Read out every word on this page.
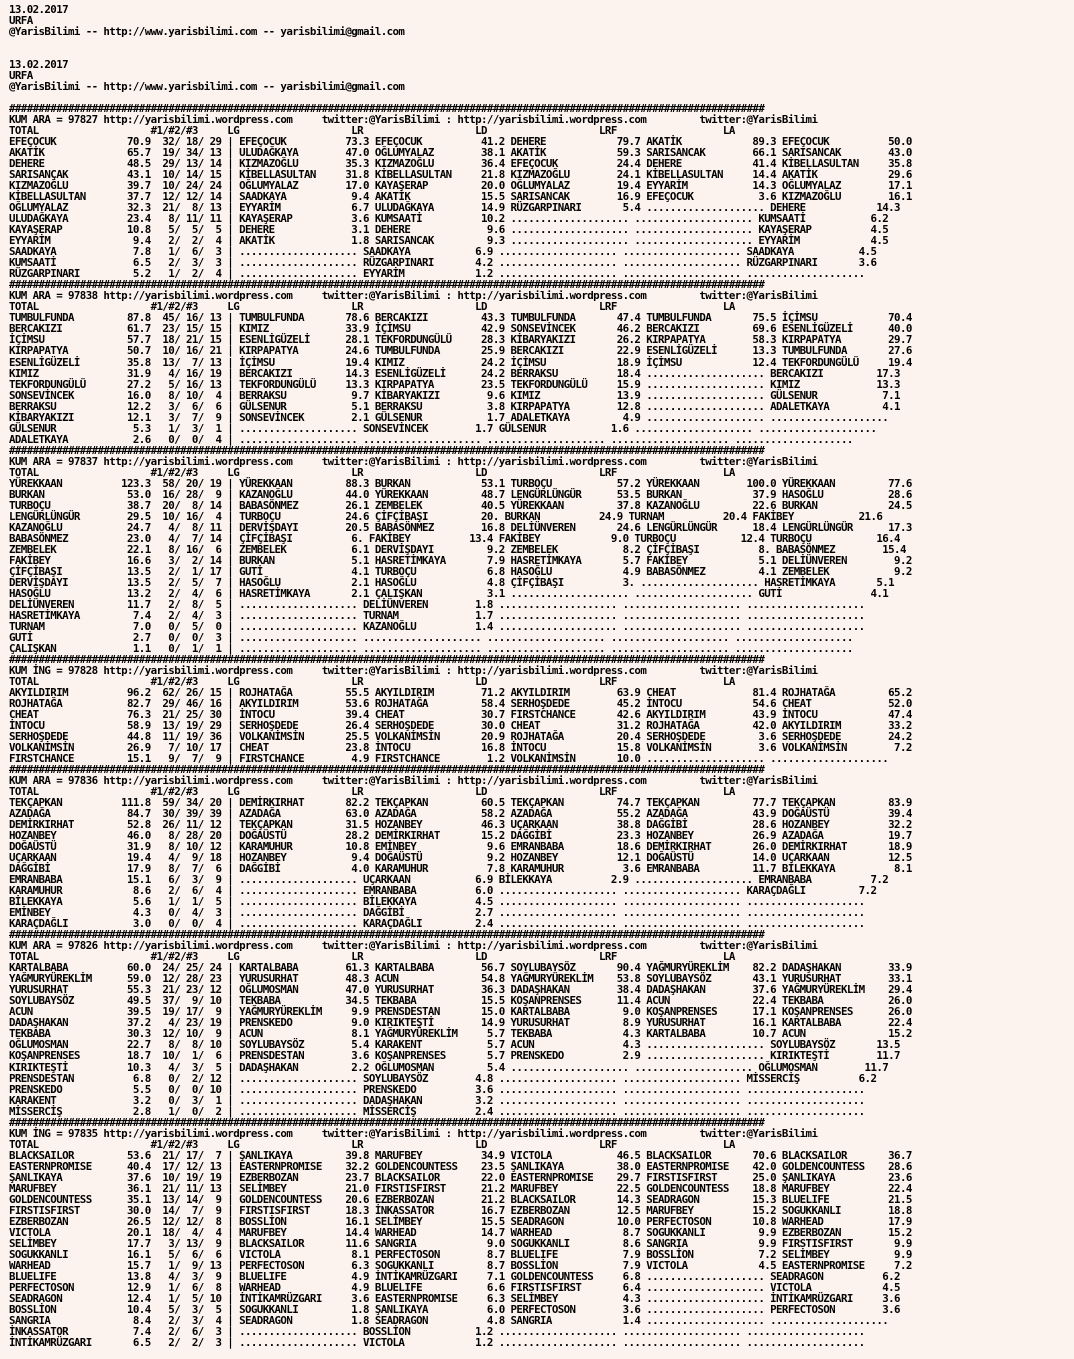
13.02.2017
URFA
@YarisBilimi -- http://www.yarisbilimi.com -- yarisbilimi@gmail.com

13.02.2017
URFA
@YarisBilimi -- http://www.yarisbilimi.com -- yarisbilimi@gmail.com

################################################################################################################################
KUM ARA = 97827 http://yarisbilimi.wordpress.com     twitter:@YarisBilimi : http://yarisbilimi.wordpress.com         twitter:@YarisBilimi
TOTAL                   #1/#2/#3     LG                   LR                   LD                   LRF                  LA
EFEÇOCUK            70.9  32/ 18/ 29 | EFEÇOCUK          73.3 EFEÇOCUK          41.2 DEHERE            79.7 AKATİK            89.3 EFEÇOCUK          50.0
AKATİK              65.7  19/ 34/ 13 | ULUDAĞKAYA        47.0 OĞLUMYALAZ        38.1 AKATİK            59.3 SARISANCAK        66.1 SARISANCAK        43.0
DEHERE              48.5  29/ 13/ 14 | KIZMAZOĞLU        35.3 KIZMAZOĞLU        36.4 EFEÇOCUK          24.4 DEHERE            41.4 KİBELLASULTAN     35.8
SARISANÇAK          43.1  10/ 14/ 15 | KİBELLASULTAN     31.8 KİBELLASULTAN     21.8 KIZMAZOĞLU        24.1 KİBELLASULTAN     14.4 AKATİK            29.6
KIZMAZOĞLU          39.7  10/ 24/ 24 | OĞLUMYALAZ        17.0 KAYAŞERAP         20.0 OĞLUMYALAZ        19.4 EYYARİM           14.3 OĞLUMYALAZ        17.1
KİBELLASULTAN       37.7  12/ 12/ 14 | SAADKAYA           9.4 AKATİK            15.5 SARISANCAK        16.9 EFEÇOCUK           3.6 KIZMAZOĞLU        16.1
OĞLUMYALAZ          32.3  21/  8/ 13 | EYYARİM            6.7 ULUDAĞKAYA        14.9 RÜZGARPINARI       5.4 .................... DEHERE            14.3
ULUDAĞKAYA          23.4   8/ 11/ 11 | KAYAŞERAP          3.6 KUMSAATİ          10.2 .................... .................... KUMSAATİ           6.2
KAYAŞERAP           10.8   5/  5/  5 | DEHERE             3.1 DEHERE             9.6 .................... .................... KAYAŞERAP          4.5
EYYARİM              9.4   2/  2/  4 | AKATİK             1.8 SARISANCAK         9.3 .................... .................... EYYARİM            4.5
SAADKAYA             7.8   1/  6/  3 | .................... SAADKAYA           6.9 .................... .................... SAADKAYA           4.5
KUMSAATİ             6.5   2/  3/  3 | .................... RÜZGARPINARI       4.2 .................... .................... RÜZGARPINARI       3.6
RÜZGARPINARI         5.2   1/  2/  4 | .................... EYYARİM            1.2 .................... .................... ....................
################################################################################################################################
KUM ARA = 97838 http://yarisbilimi.wordpress.com     twitter:@YarisBilimi : http://yarisbilimi.wordpress.com         twitter:@YarisBilimi
TOTAL                   #1/#2/#3     LG                   LR                   LD                   LRF                  LA
TUMBULFUNDA         87.8  45/ 16/ 13 | TUMBULFUNDA       78.6 BERCAKIZI         43.3 TUMBULFUNDA       47.4 TUMBULFUNDA       75.5 İÇİMSU            70.4
BERCAKIZI           61.7  23/ 15/ 15 | KIMIZ             33.9 İÇİMSU            42.9 SONSEVİNCEK       46.2 BERCAKIZI         69.6 ESENLİGÜZELİ      40.0
İÇİMSU              57.7  18/ 21/ 15 | ESENLİGÜZELİ      28.1 TEKFORDUNGÜLÜ     28.3 KİBARYAKIZI       26.2 KIRPAPATYA        58.3 KIRPAPATYA        29.7
KIRPAPATYA          50.7  10/ 16/ 21 | KIRPAPATYA        24.6 TUMBULFUNDA       25.9 BERCAKIZI         22.9 ESENLİGÜZELİ      13.3 TUMBULFUNDA       27.6
ESENLİGÜZELİ        35.8  13/  7/ 13 | İÇİMSU            19.4 KIMIZ             24.2 İÇİMSU            18.9 İÇİMSU            12.4 TEKFORDUNGÜLÜ     19.4
KIMIZ               31.9   4/ 16/ 19 | BERCAKIZI         14.3 ESENLİGÜZELİ      24.2 BERRAKSU          18.4 .................... BERCAKIZI         17.3
TEKFORDUNGÜLÜ       27.2   5/ 16/ 13 | TEKFORDUNGÜLÜ     13.3 KIRPAPATYA        23.5 TEKFORDUNGÜLÜ     15.9 .................... KIMIZ             13.3
SONSEVİNCEK         16.0   8/ 10/  4 | BERRAKSU           9.7 KİBARYAKIZI        9.6 KIMIZ             13.9 .................... GÜLSENUR           7.1
BERRAKSU            12.2   3/  6/  6 | GÜLSENUR           5.1 BERRAKSU           3.8 KIRPAPATYA        12.8 .................... ADALETKAYA         4.1
KİBARYAKIZI         12.1   3/  7/  9 | SONSEVİNCEK        2.1 GÜLSENUR           1.7 ADALETKAYA         4.9 .................... ....................
GÜLSENUR             5.3   1/  3/  1 | .................... SONSEVİNCEK        1.7 GÜLSENUR           1.6 .................... ....................
ADALETKAYA           2.6   0/  0/  4 | .................... .................... .................... .................... ....................
################################################################################################################################
KUM ARA = 97837 http://yarisbilimi.wordpress.com     twitter:@YarisBilimi : http://yarisbilimi.wordpress.com         twitter:@YarisBilimi
TOTAL                   #1/#2/#3     LG                   LR                   LD                   LRF                  LA
YÜREKKAAN          123.3  58/ 20/ 19 | YÜREKKAAN         88.3 BURKAN            53.1 TURBOÇU           57.2 YÜREKKAAN        100.0 YÜREKKAAN         77.6
BURKAN              53.0  16/ 28/  9 | KAZANOĞLU         44.0 YÜREKKAAN         48.7 LENGÜRLÜNGÜR      53.5 BURKAN            37.9 HASOĞLU           28.6
TURBOÇU             38.7  20/  8/ 14 | BABASÖNMEZ        26.1 ZEMBELEK          40.5 YÜREKKAAN         37.8 KAZANOĞLU         22.6 BURKAN            24.5
LENGÜRLÜNGÜR        29.5  10/ 16/  4 | TURBOÇU           24.6 ÇİFÇİBAŞI         20. BURKAN          24.9 TURNAM          20.4 FAKİBEY           21.6
KAZANOĞLU           24.7   4/  8/ 11 | DERVİŞDAYI        20.5 BABASÖNMEZ        16.8 DELİÜNVEREN       24.6 LENGÜRLÜNGÜR      18.4 LENGÜRLÜNGÜR      17.3
BABASÖNMEZ          23.0   4/  7/ 14 | ÇİFÇİBAŞI          6. FAKİBEY          13.4 FAKİBEY            9.0 TURBOÇU           12.4 TURBOÇU           16.4
ZEMBELEK            22.1   8/ 16/  6 | ZEMBELEK           6.1 DERVİŞDAYI         9.2 ZEMBELEK           8.2 ÇİFÇİBAŞI          8. BABASÖNMEZ        15.4
FAKİBEY             16.6   3/  2/ 14 | BURKAN             5.1 HASRETİMKAYA       7.9 HASRETİMKAYA       5.7 FAKİBEY            5.1 DELİÜNVEREN        9.2
ÇİFÇİBAŞI           13.5   2/  1/ 17 | GUTİ               4.1 TURBOÇU            6.8 HASOĞLU            4.9 BABASÖNMEZ         4.1 ZEMBELEK           9.2
DERVİŞDAYI          13.5   2/  5/  7 | HASOĞLU            2.1 HASOĞLU            4.8 ÇİFÇİBAŞI          3. .................... HASRETİMKAYA       5.1
HASOĞLU             13.2   2/  4/  6 | HASRETİMKAYA       2.1 ÇALIŞKAN           3.1 .................... .................... GUTİ               4.1
DELİÜNVEREN         11.7   2/  8/  5 | .................... DELİÜNVEREN        1.8 .................... .................... ....................
HASRETİMKAYA         7.4   2/  4/  3 | .................... TURNAM             1.7 .................... .................... ....................
TURNAM               7.0   0/  5/  0 | .................... KAZANOĞLU          1.4 .................... .................... ....................
GUTİ                 2.7   0/  0/  3 | .................... .................... .................... .................... ....................
ÇALIŞKAN             1.1   0/  1/  1 | .................... .................... .................... .................... ....................
################################################################################################################################
KUM İNG = 97828 http://yarisbilimi.wordpress.com     twitter:@YarisBilimi : http://yarisbilimi.wordpress.com         twitter:@YarisBilimi
TOTAL                   #1/#2/#3     LG                   LR                   LD                   LRF                  LA
AKYILDIRIM          96.2  62/ 26/ 15 | ROJHATAĞA         55.5 AKYILDIRIM        71.2 AKYILDIRIM        63.9 CHEAT             81.4 ROJHATAĞA         65.2
ROJHATAĞA           82.7  29/ 46/ 16 | AKYILDIRIM        53.6 ROJHATAĞA         58.4 SERHOŞDEDE        45.2 İNTOCU            54.6 CHEAT             52.0
CHEAT               76.3  21/ 25/ 30 | İNTOCU            39.4 CHEAT             30.7 FIRSTCHANCE       42.6 AKYILDIRIM        43.9 İNTOCU            47.4
İNTOCU              58.9  13/ 19/ 29 | SERHOŞDEDE        26.4 SERHOŞDEDE        30.0 CHEAT             31.2 ROJHATAĞA         42.0 AKYILDIRIM        33.2
SERHOŞDEDE          44.8  11/ 19/ 36 | VOLKANİMSİN       25.5 VOLKANİMSİN       20.9 ROJHATAĞA         20.4 SERHOŞDEDE         3.6 SERHOŞDEDE        24.2
VOLKANİMSİN         26.9   7/ 10/ 17 | CHEAT             23.8 İNTOCU            16.8 İNTOCU            15.8 VOLKANİMSİN        3.6 VOLKANİMSİN        7.2
FIRSTCHANCE         15.1   9/  7/  9 | FIRSTCHANCE        4.9 FIRSTCHANCE        1.2 VOLKANİMSİN       10.0 .................... ....................
################################################################################################################################
KUM ARA = 97836 http://yarisbilimi.wordpress.com     twitter:@YarisBilimi : http://yarisbilimi.wordpress.com         twitter:@YarisBilimi
TOTAL                   #1/#2/#3     LG                   LR                   LD                   LRF                  LA
TEKÇAPKAN          111.8  59/ 34/ 20 | DEMİRKIRHAT       82.2 TEKÇAPKAN         60.5 TEKÇAPKAN         74.7 TEKÇAPKAN         77.7 TEKÇAPKAN         83.9
AZADAĞA             84.7  30/ 39/ 39 | AZADAĞA           63.0 AZADAĞA           58.2 AZADAĞA           55.2 AZADAĞA           43.9 DOĞAÜSTÜ          39.4
DEMİRKIRHAT         52.8  26/ 11/ 12 | TEKÇAPKAN         31.5 HOZANBEY          46.3 UÇARKAAN          38.8 DAĞGİBİ           28.6 HOZANBEY          32.2
HOZANBEY            46.0   8/ 28/ 20 | DOĞAÜSTÜ          28.2 DEMİRKIRHAT       15.2 DAĞGİBİ           23.3 HOZANBEY          26.9 AZADAĞA           19.7
DOĞAÜSTÜ            31.9   8/ 10/ 12 | KARAMUHUR         10.8 EMİNBEY            9.6 EMRANBABA         18.6 DEMİRKIRHAT       26.0 DEMİRKIRHAT       18.9
UÇARKAAN            19.4   4/  9/ 18 | HOZANBEY           9.4 DOĞAÜSTÜ           9.2 HOZANBEY          12.1 DOĞAÜSTÜ          14.0 UÇARKAAN          12.5
DAĞGİBİ             17.9   8/  7/  6 | DAĞGİBİ            4.0 KARAMUHUR          7.8 KARAMUHUR          3.6 EMRANBABA         11.7 BİLEKKAYA          8.1
EMRANBABA           15.1   6/  3/  9 | .................... UÇARKAAN           6.9 BİLEKKAYA          2.9 .................... EMRANBABA          7.2
KARAMUHUR            8.6   2/  6/  4 | .................... EMRANBABA          6.0 .................... .................... KARAÇDAĞLI         7.2
BİLEKKAYA            5.6   1/  1/  5 | .................... BİLEKKAYA          4.5 .................... .................... ....................
EMİNBEY              4.3   0/  4/  3 | .................... DAĞGİBİ            2.7 .................... .................... ....................
KARAÇDAĞLI           3.0   0/  0/  4 | .................... KARAÇDAĞLI         2.4 .................... .................... ....................
################################################################################################################################
KUM ARA = 97826 http://yarisbilimi.wordpress.com     twitter:@YarisBilimi : http://yarisbilimi.wordpress.com         twitter:@YarisBilimi
TOTAL                   #1/#2/#3     LG                   LR                   LD                   LRF                  LA
KARTALBABA          60.0  24/ 25/ 24 | KARTALBABA        61.3 KARTALBABA        56.7 SOYLUBAYSÖZ       90.4 YAĞMURYÜREKLİM    82.2 DADAŞHAKAN        33.9
YAĞMURYÜREKLİM      59.0  12/ 28/ 23 | YURUSURHAT        48.3 ACUN              54.8 YAĞMURYÜREKLİM    53.8 SOYLUBAYSÖZ       43.1 YURUSURHAT        33.1
YURUSURHAT          55.3  21/ 23/ 12 | OĞLUMOSMAN        47.0 YURUSURHAT        36.3 DADAŞHAKAN        38.4 DADAŞHAKAN        37.6 YAĞMURYÜREKLİM    29.4
SOYLUBAYSÖZ         49.5  37/  9/ 10 | TEKBABA           34.5 TEKBABA           15.5 KOŞANPRENSES      11.4 ACUN              22.4 TEKBABA           26.0
ACUN                39.5  19/ 17/  9 | YAĞMURYÜREKLİM     9.9 PRENSDESTAN       15.0 KARTALBABA         9.0 KOŞANPRENSES      17.1 KOŞANPRENSES      26.0
DADAŞHAKAN          37.2   4/ 23/ 19 | PRENSKEDO          9.0 KIRIKTEŞTİ        14.9 YURUSURHAT         8.9 YURUSURHAT        16.1 KARTALBABA        22.4
TEKBABA             30.3  12/ 10/  9 | ACUN               8.1 YAĞMURYÜREKLİM     5.7 TEKBABA            4.3 KARTALBABA        10.7 ACUN              15.2
OĞLUMOSMAN          22.7   8/  8/ 10 | SOYLUBAYSÖZ        5.4 KARAKENT           5.7 ACUN               4.3 .................... SOYLUBAYSÖZ       13.5
KOŞANPRENSES        18.7  10/  1/  6 | PRENSDESTAN        3.6 KOŞANPRENSES       5.7 PRENSKEDO          2.9 .................... KIRIKTEŞTİ        11.7
KIRIKTEŞTİ          10.3   4/  3/  5 | DADAŞHAKAN         2.2 OĞLUMOSMAN         5.4 .................... .................... OĞLUMOSMAN        11.7
PRENSDESTAN          6.8   0/  2/ 12 | .................... SOYLUBAYSÖZ        4.8 .................... .................... MİSSERCİŞ          6.2
PRENSKEDO            5.5   0/  0/ 10 | .................... PRENSKEDO          3.6 .................... .................... ....................
KARAKENT             3.2   0/  3/  1 | .................... DADAŞHAKAN         3.2 .................... .................... ....................
MİSSERCİŞ            2.8   1/  0/  2 | .................... MİSSERCİŞ          2.4 .................... .................... ....................
################################################################################################################################
KUM İNG = 97835 http://yarisbilimi.wordpress.com     twitter:@YarisBilimi : http://yarisbilimi.wordpress.com         twitter:@YarisBilimi
TOTAL                   #1/#2/#3     LG                   LR                   LD                   LRF                  LA
BLACKSAILOR         53.6  21/ 17/  7 | ŞANLIKAYA         39.8 MARUFBEY          34.9 VICTOLA           46.5 BLACKSAILOR       70.6 BLACKSAILOR       36.7
EASTERNPROMISE      40.4  17/ 12/ 13 | EASTERNPROMISE    32.2 GOLDENCOUNTESS    23.5 ŞANLIKAYA         38.0 EASTERNPROMISE    42.0 GOLDENCOUNTESS    28.6
ŞANLIKAYA           37.6  10/ 19/ 19 | EZBERBOZAN        23.7 BLACKSAILOR       22.0 EASTERNPROMISE    29.7 FIRSTISFIRST      25.0 ŞANLIKAYA         23.6
MARUFBEY            36.1  21/ 11/ 13 | SELİMBEY          21.0 FIRSTISFIRST      21.2 MARUFBEY          22.5 GOLDENCOUNTESS    18.8 MARUFBEY          22.4
GOLDENCOUNTESS      35.1  13/ 14/  9 | GOLDENCOUNTESS    20.6 EZBERBOZAN        21.2 BLACKSAILOR       14.3 SEADRAGON         15.3 BLUELIFE          21.5
FIRSTISFIRST        30.0  14/  7/  9 | FIRSTISFIRST      18.3 İNKASSATOR        16.7 EZBERBOZAN        12.5 MARUFBEY          15.2 SOGUKKANLI        18.8
EZBERBOZAN          26.5  12/ 12/  8 | BOSSLİON          16.1 SELİMBEY          15.5 SEADRAGON         10.0 PERFECTOSON       10.8 WARHEAD           17.9
VICTOLA             20.1  18/  4/  4 | MARUFBEY          14.4 WARHEAD           14.7 WARHEAD            8.7 SOGUKKANLI         9.9 EZBERBOZAN        15.2
SELİMBEY            17.7   3/ 13/  9 | BLACKSAILOR       11.6 SANGRIA            9.0 SOGUKKANLI         8.6 SANGRIA            9.9 FIRSTISFIRST       9.9
SOGUKKANLI          16.1   5/  6/  6 | VICTOLA            8.1 PERFECTOSON        8.7 BLUELIFE           7.9 BOSSLİON           7.2 SELİMBEY           9.9
WARHEAD             15.7   1/  9/ 13 | PERFECTOSON        6.3 SOGUKKANLI         8.7 BOSSLİON           7.9 VICTOLA            4.5 EASTERNPROMISE     7.2
BLUELIFE            13.8   4/  3/  9 | BLUELIFE           4.9 İNTİKAMRÜZGARI     7.1 GOLDENCOUNTESS     6.8 .................... SEADRAGON          6.2
PERFECTOSON         12.9   1/  6/  8 | WARHEAD            4.9 BLUELIFE           6.6 FIRSTISFIRST       6.4 .................... VICTOLA            4.5
SEADRAGON           12.4   1/  5/ 10 | İNTİKAMRÜZGARI     3.6 EASTERNPROMISE     6.3 SELİMBEY           4.3 .................... İNTİKAMRÜZGARI     3.6
BOSSLİON            10.4   5/  3/  5 | SOGUKKANLI         1.8 ŞANLIKAYA          6.0 PERFECTOSON        3.6 .................... PERFECTOSON        3.6
SANGRIA              8.4   2/  3/  4 | SEADRAGON          1.8 SEADRAGON          4.8 SANGRIA            1.4 .................... ....................
İNKASSATOR           7.4   2/  6/  3 | .................... BOSSLİON           1.2 .................... .................... ....................
İNTİKAMRÜZGARI       6.5   2/  2/  3 | .................... VICTOLA            1.2 .................... .................... ....................
